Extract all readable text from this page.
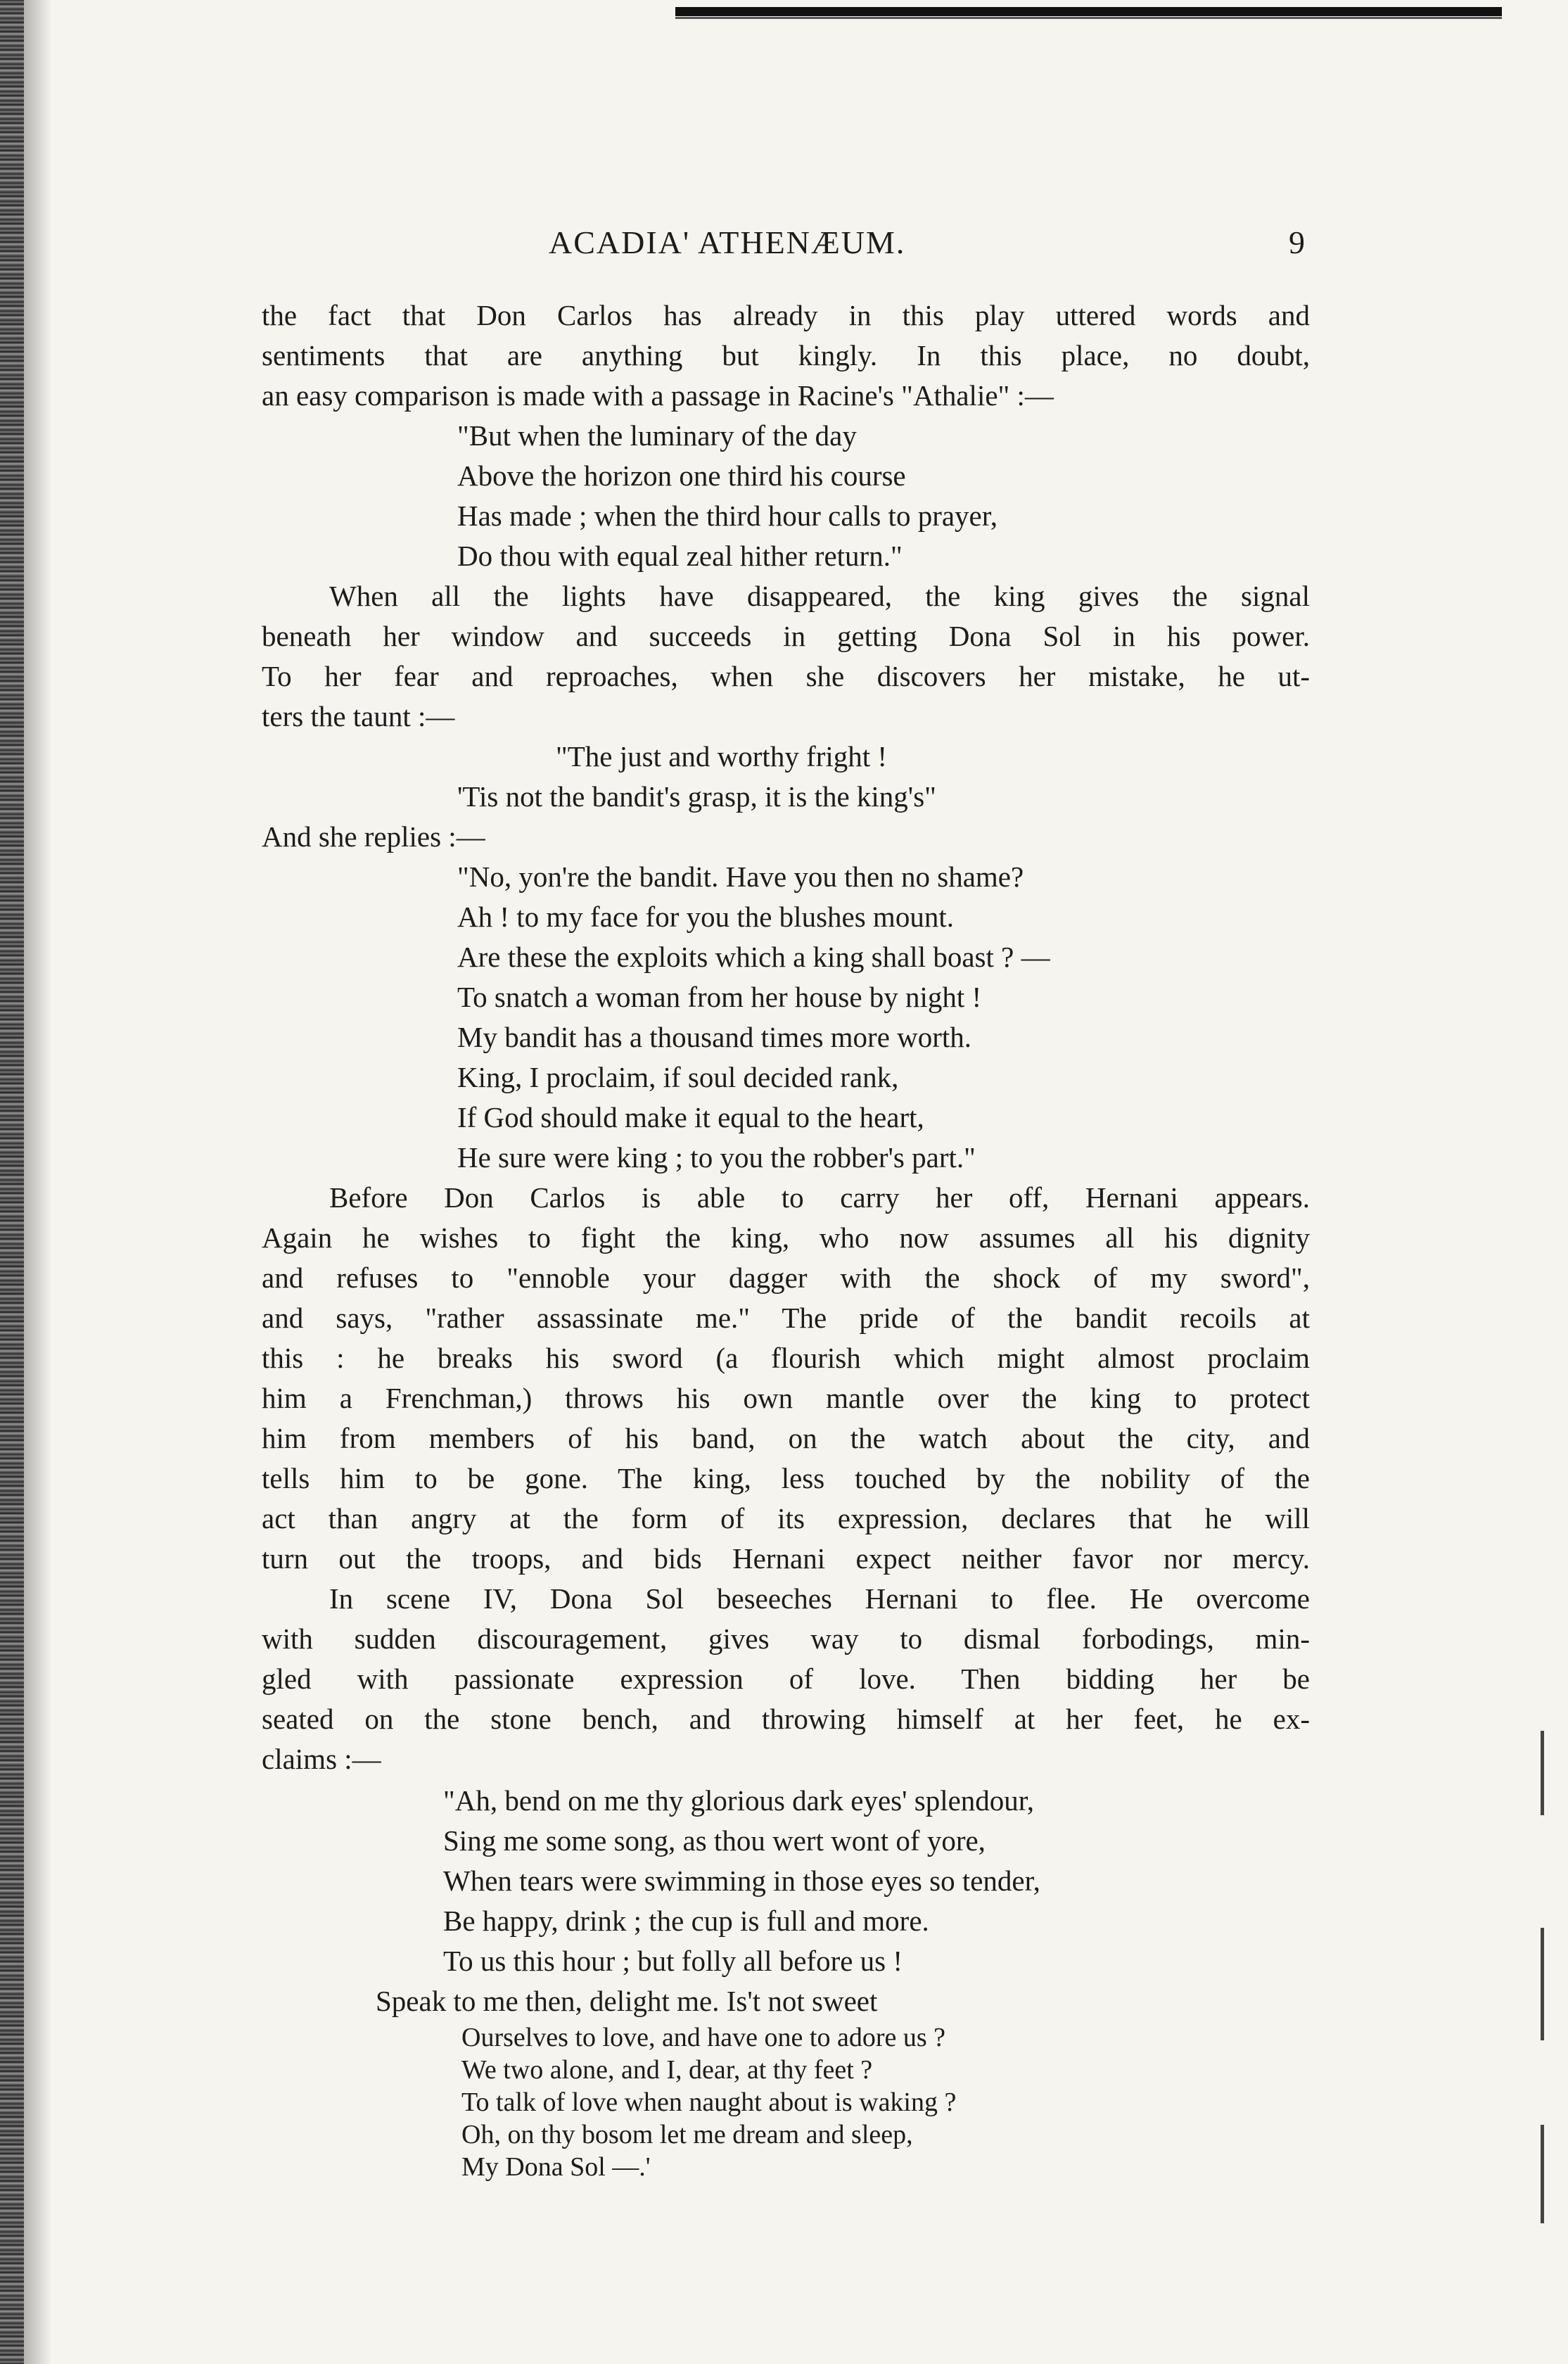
ACADIA' ATHENÆUM.	9
the fact that Don Carlos has already in this play uttered words and
sentiments that are anything but kingly. In this place, no doubt,
an easy comparison is made with a passage in Racine's "Athalie" :—
"But when the luminary of the day
Above the horizon one third his course
Has made ; when the third hour calls to prayer,
Do thou with equal zeal hither return."
When all the lights have disappeared, the king gives the signal
beneath her window and succeeds in getting Dona Sol in his power.
To her fear and reproaches, when she discovers her mistake, he ut-
ters the taunt :—
"The just and worthy fright !
'Tis not the bandit's grasp, it is the king's"
And she replies :—
"No, yon're the bandit. Have you then no shame?
Ah ! to my face for you the blushes mount.
Are these the exploits which a king shall boast ? —
To snatch a woman from her house by night !
My bandit has a thousand times more worth.
King, I proclaim, if soul decided rank,
If God should make it equal to the heart,
He sure were king ; to you the robber's part."
Before Don Carlos is able to carry her off, Hernani appears.
Again he wishes to fight the king, who now assumes all his dignity
and refuses to "ennoble your dagger with the shock of my sword",
and says, "rather assassinate me." The pride of the bandit recoils at
this : he breaks his sword (a flourish which might almost proclaim
him a Frenchman,) throws his own mantle over the king to protect
him from members of his band, on the watch about the city, and
tells him to be gone. The king, less touched by the nobility of the
act than angry at the form of its expression, declares that he will
turn out the troops, and bids Hernani expect neither favor nor mercy.
In scene IV, Dona Sol beseeches Hernani to flee. He overcome
with sudden discouragement, gives way to dismal forbodings, min-
gled with passionate expression of love. Then bidding her be
seated on the stone bench, and throwing himself at her feet, he ex-
claims :—
"Ah, bend on me thy glorious dark eyes' splendour,
Sing me some song, as thou wert wont of yore,
When tears were swimming in those eyes so tender,
Be happy, drink ; the cup is full and more.
To us this hour ; but folly all before us !
Speak to me then, delight me. Is't not sweet
Ourselves to love, and have one to adore us ?
We two alone, and I, dear, at thy feet ?
To talk of love when naught about is waking ?
Oh, on thy bosom let me dream and sleep,
My Dona Sol —.'
